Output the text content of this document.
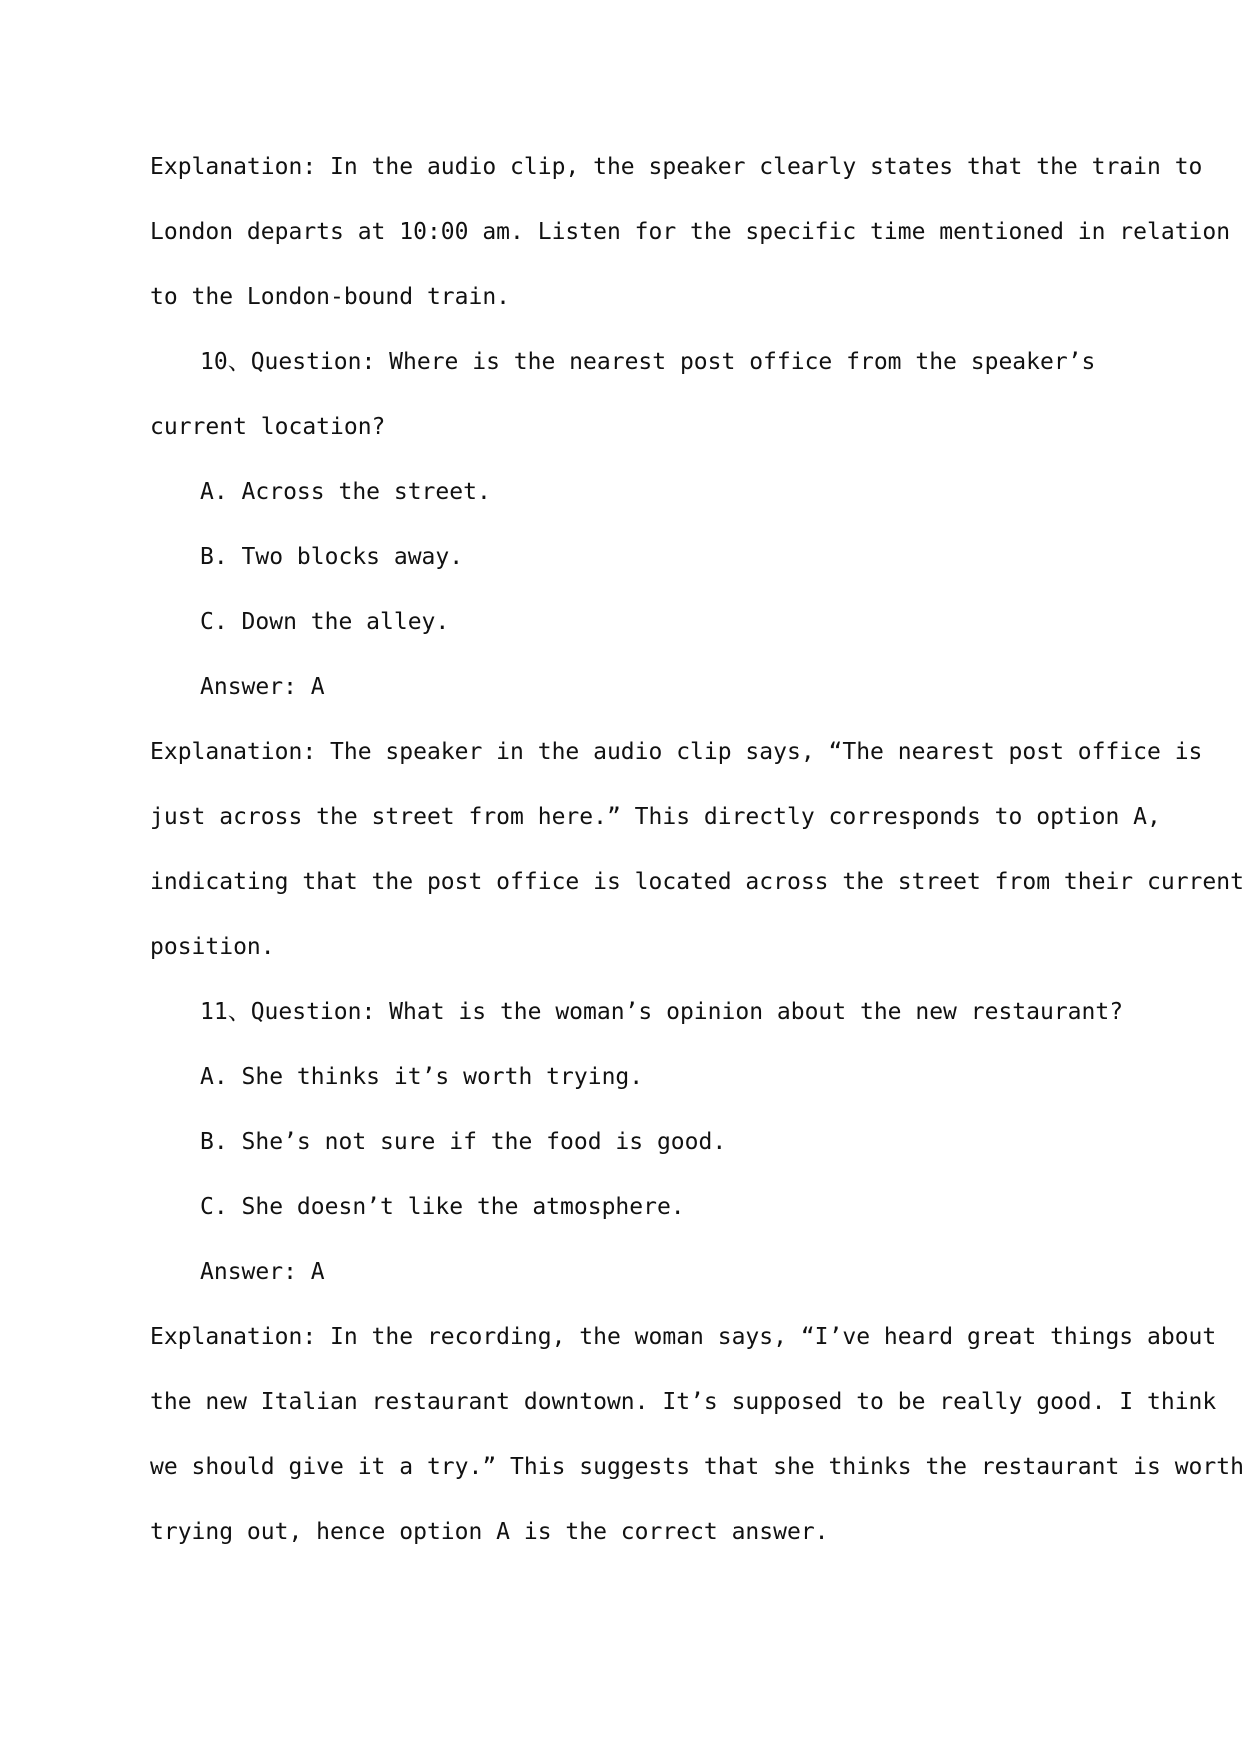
Explanation: In the audio clip, the speaker clearly states that the train to
London departs at 10:00 am. Listen for the specific time mentioned in relation
to the London-bound train.
10、Question: Where is the nearest post office from the speaker’s
current location?
A. Across the street.
B. Two blocks away.
C. Down the alley.
Answer: A
Explanation: The speaker in the audio clip says, “The nearest post office is
just across the street from here.” This directly corresponds to option A,
indicating that the post office is located across the street from their current
position.
11、Question: What is the woman’s opinion about the new restaurant?
A. She thinks it’s worth trying.
B. She’s not sure if the food is good.
C. She doesn’t like the atmosphere.
Answer: A
Explanation: In the recording, the woman says, “I’ve heard great things about
the new Italian restaurant downtown. It’s supposed to be really good. I think
we should give it a try.” This suggests that she thinks the restaurant is worth
trying out, hence option A is the correct answer.
